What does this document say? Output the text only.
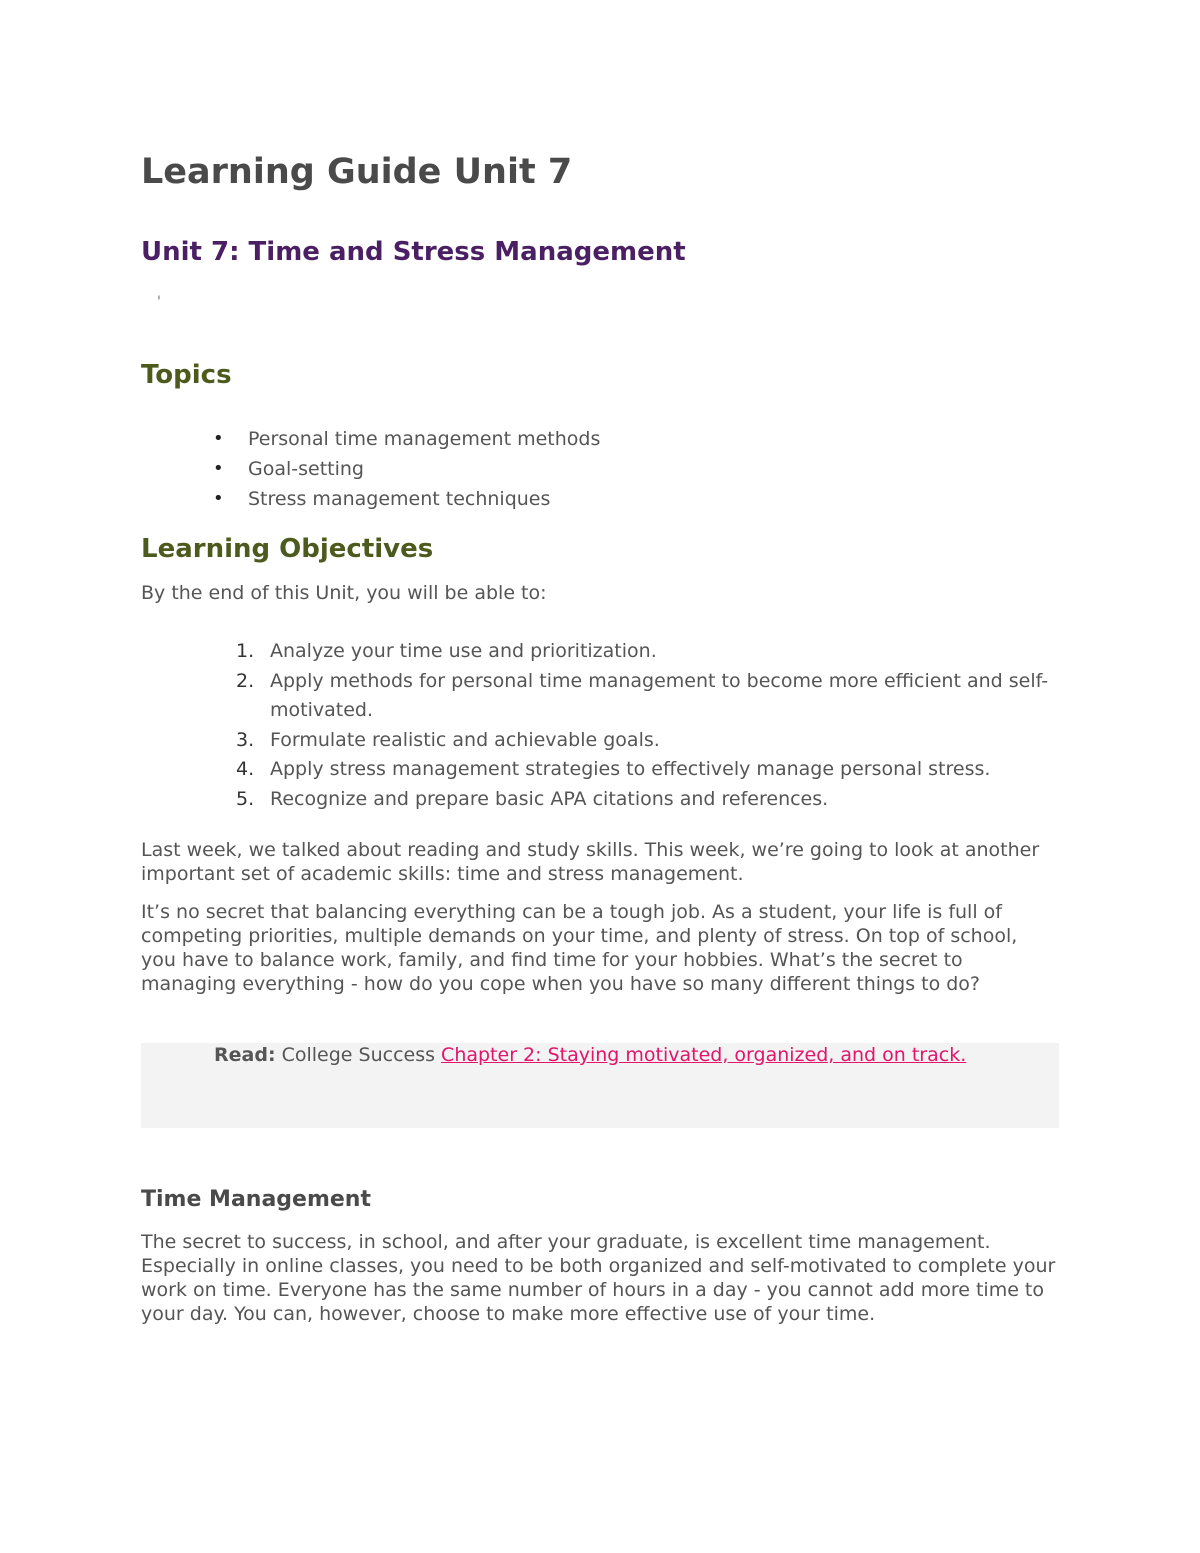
Learning Guide Unit 7
Unit 7: Time and Stress Management
'
Topics
• Personal time management methods
• Goal-setting
• Stress management techniques
Learning Objectives
By the end of this Unit, you will be able to:
1. Analyze your time use and prioritization.
2. Apply methods for personal time management to become more efficient and self-motivated.
3. Formulate realistic and achievable goals.
4. Apply stress management strategies to effectively manage personal stress.
5. Recognize and prepare basic APA citations and references.

Last week, we talked about reading and study skills. This week, we’re going to look at another important set of academic skills: time and stress management.

It’s no secret that balancing everything can be a tough job. As a student, your life is full of competing priorities, multiple demands on your time, and plenty of stress. On top of school, you have to balance work, family, and find time for your hobbies. What’s the secret to managing everything - how do you cope when you have so many different things to do?

Read: College Success Chapter 2: Staying motivated, organized, and on track.
Time Management

The secret to success, in school, and after your graduate, is excellent time management. Especially in online classes, you need to be both organized and self-motivated to complete your work on time. Everyone has the same number of hours in a day - you cannot add more time to your day. You can, however, choose to make more effective use of your time.
